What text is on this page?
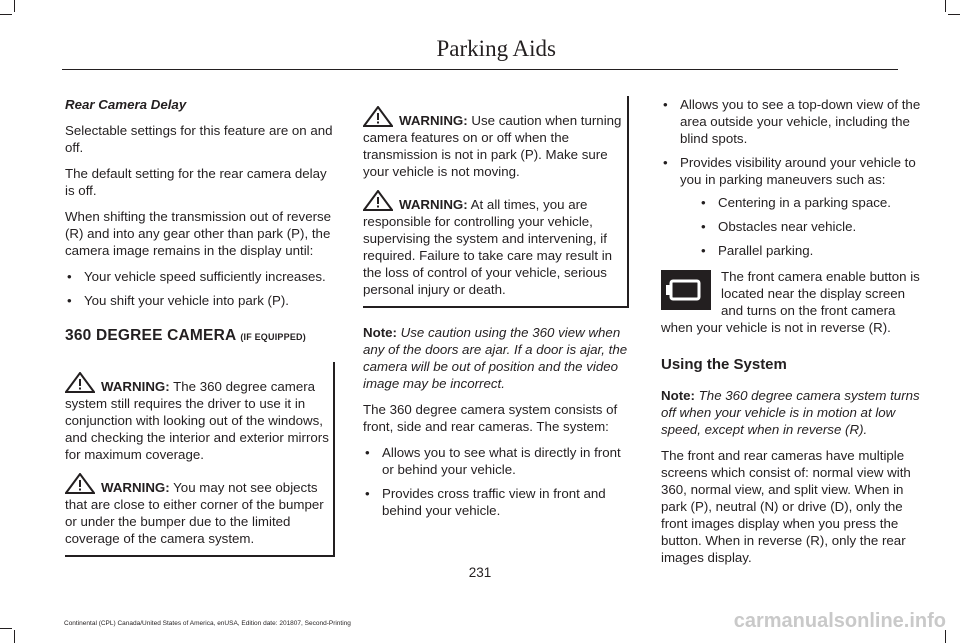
Parking Aids

Rear Camera Delay

Selectable settings for this feature are on and off.

The default setting for the rear camera delay is off.

When shifting the transmission out of reverse (R) and into any gear other than park (P), the camera image remains in the display until:

• Your vehicle speed sufficiently increases.
• You shift your vehicle into park (P).
360 DEGREE CAMERA (IF EQUIPPED)

WARNING: The 360 degree camera system still requires the driver to use it in conjunction with looking out of the windows, and checking the interior and exterior mirrors for maximum coverage.

WARNING: You may not see objects that are close to either corner of the bumper or under the bumper due to the limited coverage of the camera system.

WARNING: Use caution when turning camera features on or off when the transmission is not in park (P). Make sure your vehicle is not moving.

WARNING: At all times, you are responsible for controlling your vehicle, supervising the system and intervening, if required. Failure to take care may result in the loss of control of your vehicle, serious personal injury or death.

Note: Use caution using the 360 view when any of the doors are ajar. If a door is ajar, the camera will be out of position and the video image may be incorrect.

The 360 degree camera system consists of front, side and rear cameras. The system:

• Allows you to see what is directly in front or behind your vehicle.
• Provides cross traffic view in front and behind your vehicle.
• Allows you to see a top-down view of the area outside your vehicle, including the blind spots.
• Provides visibility around your vehicle to you in parking maneuvers such as:
• Centering in a parking space.
• Obstacles near vehicle.
• Parallel parking.

The front camera enable button is located near the display screen and turns on the front camera when your vehicle is not in reverse (R).

Using the System

Note: The 360 degree camera system turns off when your vehicle is in motion at low speed, except when in reverse (R).

The front and rear cameras have multiple screens which consist of: normal view with 360, normal view, and split view. When in park (P), neutral (N) or drive (D), only the front images display when you press the button. When in reverse (R), only the rear images display.

231
Continental (CPL) Canada/United States of America, enUSA, Edition date: 201807, Second-Printing	carmanualsonline.info
